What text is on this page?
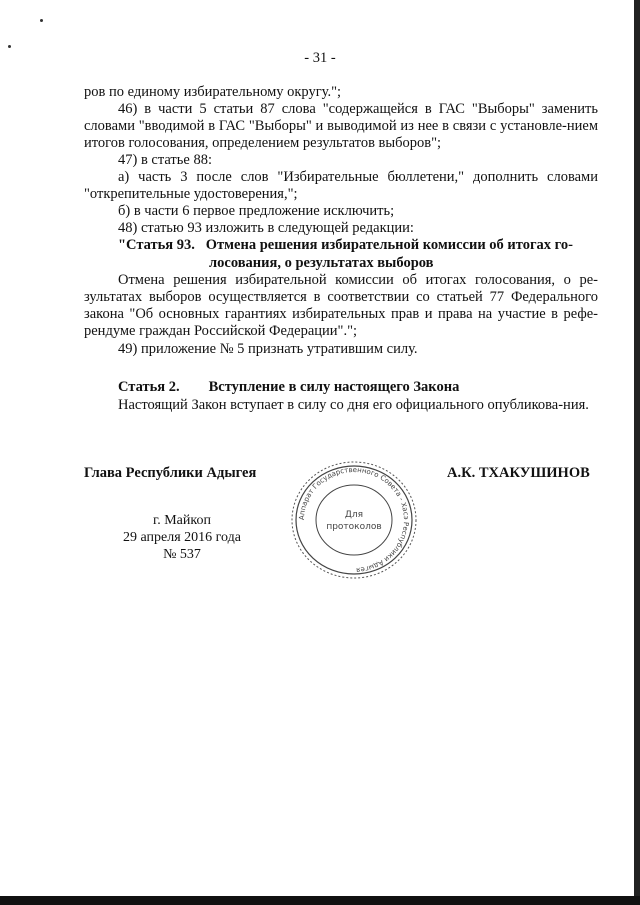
- 31 -
ров по единому избирательному округу.";
46) в части 5 статьи 87 слова "содержащейся в ГАС "Выборы" заменить словами "вводимой в ГАС "Выборы" и выводимой из нее в связи с установле-нием итогов голосования, определением результатов выборов";
47) в статье 88:
а) часть 3 после слов "Избирательные бюллетени," дополнить словами "открепительные удостоверения,";
б) в части 6 первое предложение исключить;
48) статью 93 изложить в следующей редакции:
"Статья 93.   Отмена решения избирательной комиссии об итогах го-
лосования, о результатах выборов
Отмена решения избирательной комиссии об итогах голосования, о ре-зультатах выборов осуществляется в соответствии со статьей 77 Федерального закона "Об основных гарантиях избирательных прав и права на участие в рефе-рендуме граждан Российской Федерации".";
49) приложение № 5 признать утратившим силу.
Статья 2.        Вступление в силу настоящего Закона
Настоящий Закон вступает в силу со дня его официального опубликова-ния.
Глава Республики Адыгея	А.К. ТХАКУШИНОВ
г. Майкоп
29 апреля 2016 года
№ 537
Аппарат Государственного Совета - Хасэ Республики Адыгея
Для
протоколов
